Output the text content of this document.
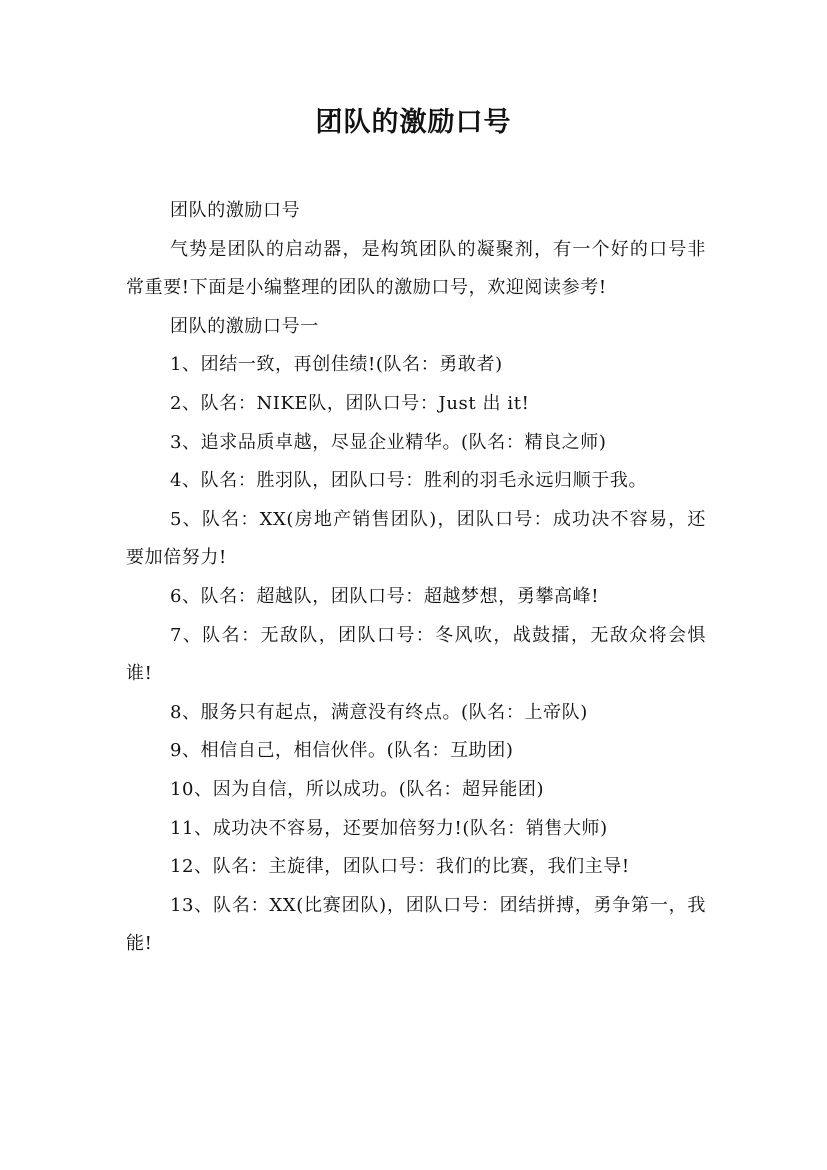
团队的激励口号

团队的激励口号

气势是团队的启动器，是构筑团队的凝聚剂，有一个好的口号非常重要!下面是小编整理的团队的激励口号，欢迎阅读参考!

团队的激励口号一

1、团结一致，再创佳绩!(队名：勇敢者)

2、队名：NIKE队，团队口号：Just 出 it!

3、追求品质卓越，尽显企业精华。(队名：精良之师)

4、队名：胜羽队，团队口号：胜利的羽毛永远归顺于我。

5、队名：XX(房地产销售团队)，团队口号：成功决不容易，还要加倍努力!

6、队名：超越队，团队口号：超越梦想，勇攀高峰!

7、队名：无敌队，团队口号：冬风吹，战鼓擂，无敌众将会惧谁!

8、服务只有起点，满意没有终点。(队名：上帝队)

9、相信自己，相信伙伴。(队名：互助团)

10、因为自信，所以成功。(队名：超异能团)

11、成功决不容易，还要加倍努力!(队名：销售大师)

12、队名：主旋律，团队口号：我们的比赛，我们主导!

13、队名：XX(比赛团队)，团队口号：团结拼搏，勇争第一，我能!
